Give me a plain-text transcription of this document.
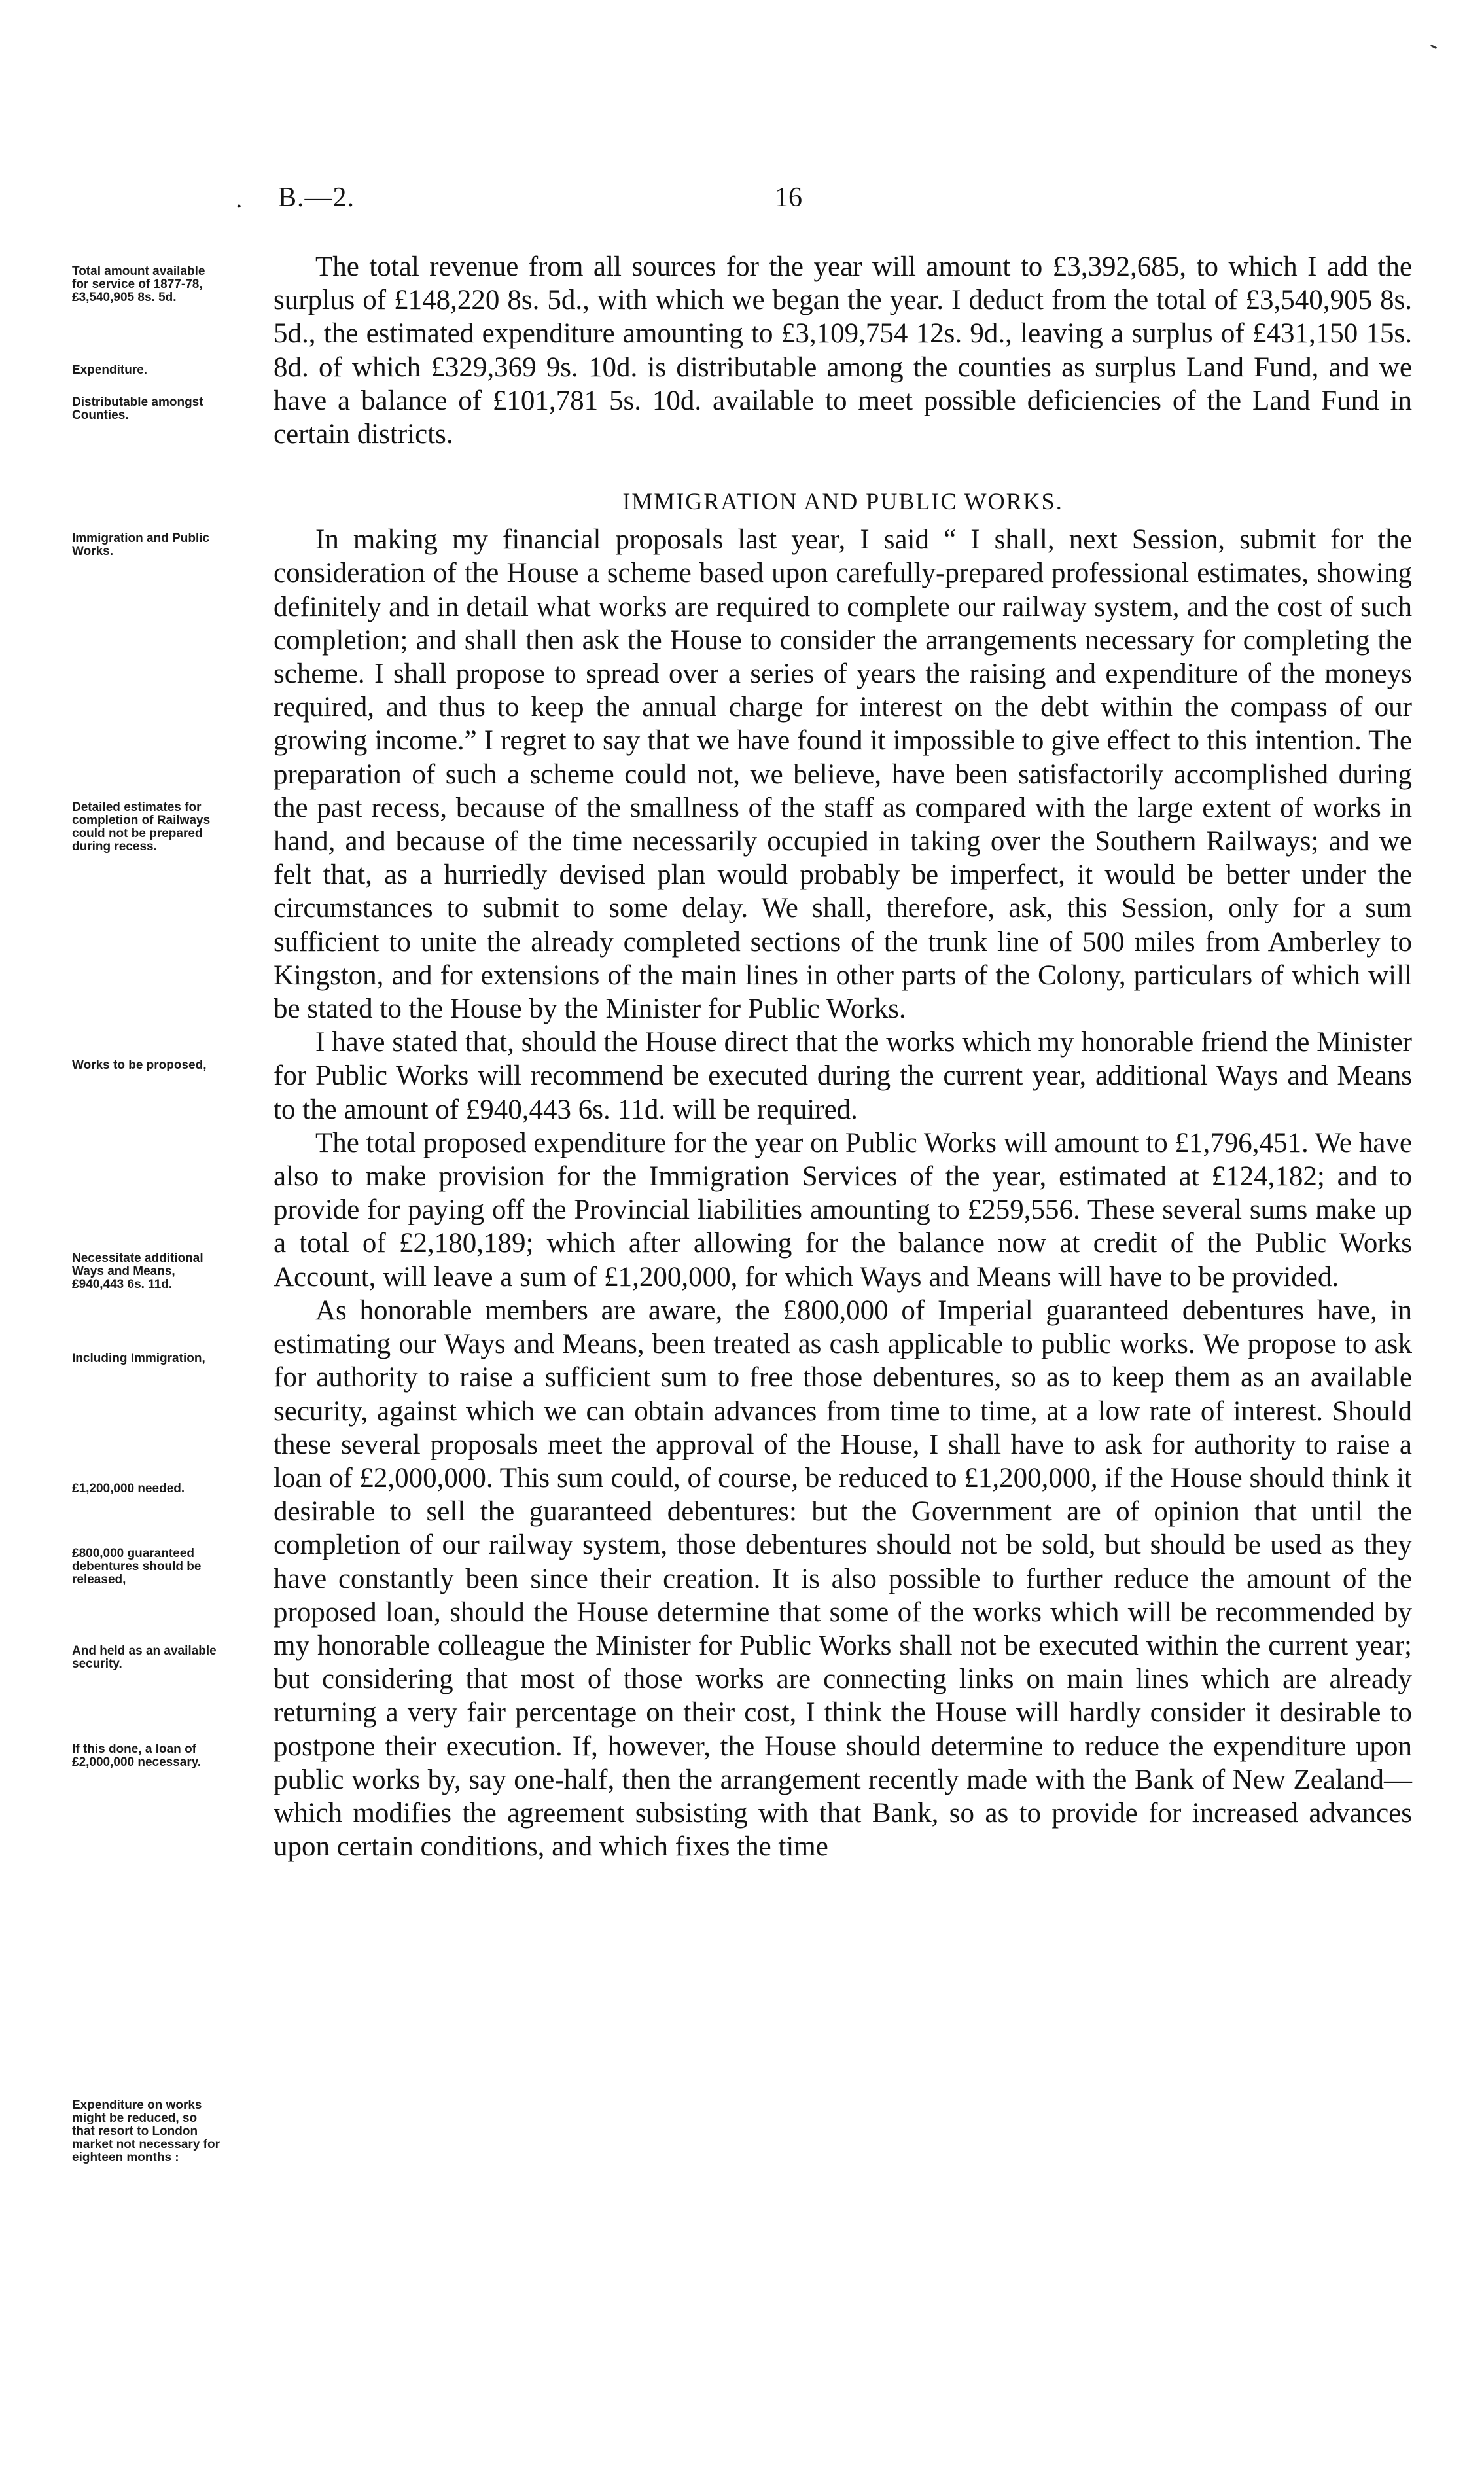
. B.—2.	16
Total amount available
for service of 1877-78,
£3,540,905 8s. 5d.
Expenditure.
Distributable amongst
Counties.
Immigration and Public
Works.
Detailed estimates for
completion of Railways
could not be prepared
during recess.
Works to be proposed,
Necessitate additional
Ways and Means,
£940,443 6s. 11d.
Including Immigration,
£1,200,000 needed.
£800,000 guaranteed
debentures should be
released,
And held as an available
security.
If this done, a loan of
£2,000,000 necessary.
Expenditure on works
might be reduced, so
that resort to London
market not necessary for
eighteen months :

The total revenue from all sources for the year will amount to £3,392,685, to which I add the surplus of £148,220 8s. 5d., with which we began the year. I deduct from the total of £3,540,905 8s. 5d., the estimated expenditure amounting to £3,109,754 12s. 9d., leaving a surplus of £431,150 15s. 8d. of which £329,369 9s. 10d. is distributable among the counties as surplus Land Fund, and we have a balance of £101,781 5s. 10d. available to meet possible deficiencies of the Land Fund in certain districts.

IMMIGRATION AND PUBLIC WORKS.

In making my financial proposals last year, I said “ I shall, next Session, submit for the consideration of the House a scheme based upon carefully-prepared professional estimates, showing definitely and in detail what works are required to complete our railway system, and the cost of such completion; and shall then ask the House to consider the arrangements necessary for completing the scheme. I shall propose to spread over a series of years the raising and expenditure of the moneys required, and thus to keep the annual charge for interest on the debt within the compass of our growing income.” I regret to say that we have found it impossible to give effect to this intention. The preparation of such a scheme could not, we believe, have been satisfactorily accomplished during the past recess, because of the smallness of the staff as compared with the large extent of works in hand, and because of the time necessarily occupied in taking over the Southern Railways; and we felt that, as a hurriedly devised plan would probably be imperfect, it would be better under the circumstances to submit to some delay. We shall, therefore, ask, this Session, only for a sum sufficient to unite the already completed sections of the trunk line of 500 miles from Amberley to Kingston, and for extensions of the main lines in other parts of the Colony, particulars of which will be stated to the House by the Minister for Public Works.

I have stated that, should the House direct that the works which my honorable friend the Minister for Public Works will recommend be executed during the current year, additional Ways and Means to the amount of £940,443 6s. 11d. will be required.

The total proposed expenditure for the year on Public Works will amount to £1,796,451. We have also to make provision for the Immigration Services of the year, estimated at £124,182; and to provide for paying off the Provincial liabilities amounting to £259,556. These several sums make up a total of £2,180,189; which after allowing for the balance now at credit of the Public Works Account, will leave a sum of £1,200,000, for which Ways and Means will have to be provided.

As honorable members are aware, the £800,000 of Imperial guaranteed debentures have, in estimating our Ways and Means, been treated as cash applicable to public works. We propose to ask for authority to raise a sufficient sum to free those debentures, so as to keep them as an available security, against which we can obtain advances from time to time, at a low rate of interest. Should these several proposals meet the approval of the House, I shall have to ask for authority to raise a loan of £2,000,000. This sum could, of course, be reduced to £1,200,000, if the House should think it desirable to sell the guaranteed debentures: but the Government are of opinion that until the completion of our railway system, those debentures should not be sold, but should be used as they have constantly been since their creation. It is also possible to further reduce the amount of the proposed loan, should the House determine that some of the works which will be recommended by my honorable colleague the Minister for Public Works shall not be executed within the current year; but considering that most of those works are connecting links on main lines which are already returning a very fair percentage on their cost, I think the House will hardly consider it desirable to postpone their execution. If, however, the House should determine to reduce the expenditure upon public works by, say one-half, then the arrangement recently made with the Bank of New Zealand—which modifies the agreement subsisting with that Bank, so as to provide for increased advances upon certain conditions, and which fixes the time
